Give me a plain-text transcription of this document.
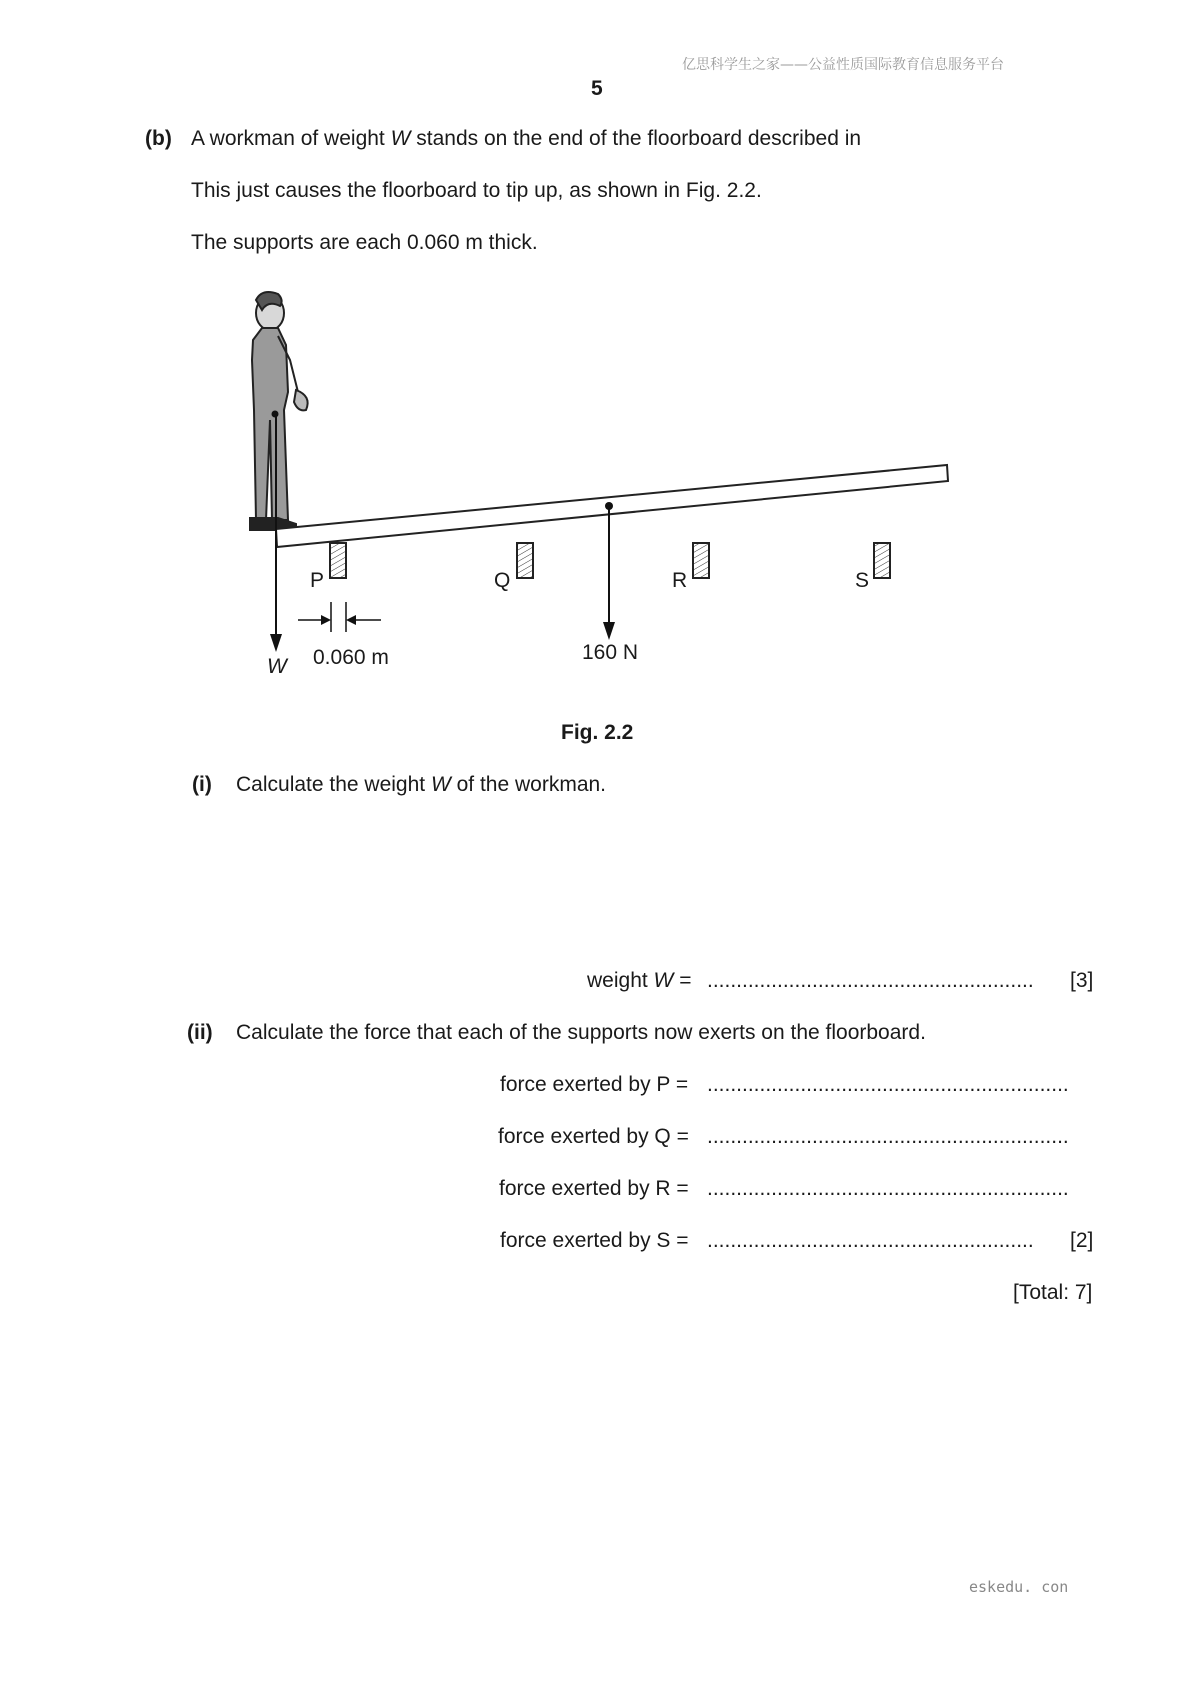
亿思科学生之家——公益性质国际教育信息服务平台
5
(b) A workman of weight W stands on the end of the floorboard described in
This just causes the floorboard to tip up, as shown in Fig. 2.2.
The supports are each 0.060 m thick.
P	Q	R	S
W
160 N
0.060 m
Fig. 2.2
(i) Calculate the weight W of the workman.
weight W = ........................................................ [3]
(ii) Calculate the force that each of the supports now exerts on the floorboard.
force exerted by P = ..............................................................
force exerted by Q = ..............................................................
force exerted by R = ..............................................................
force exerted by S = ........................................................ [2]
[Total: 7]
eskedu. con
